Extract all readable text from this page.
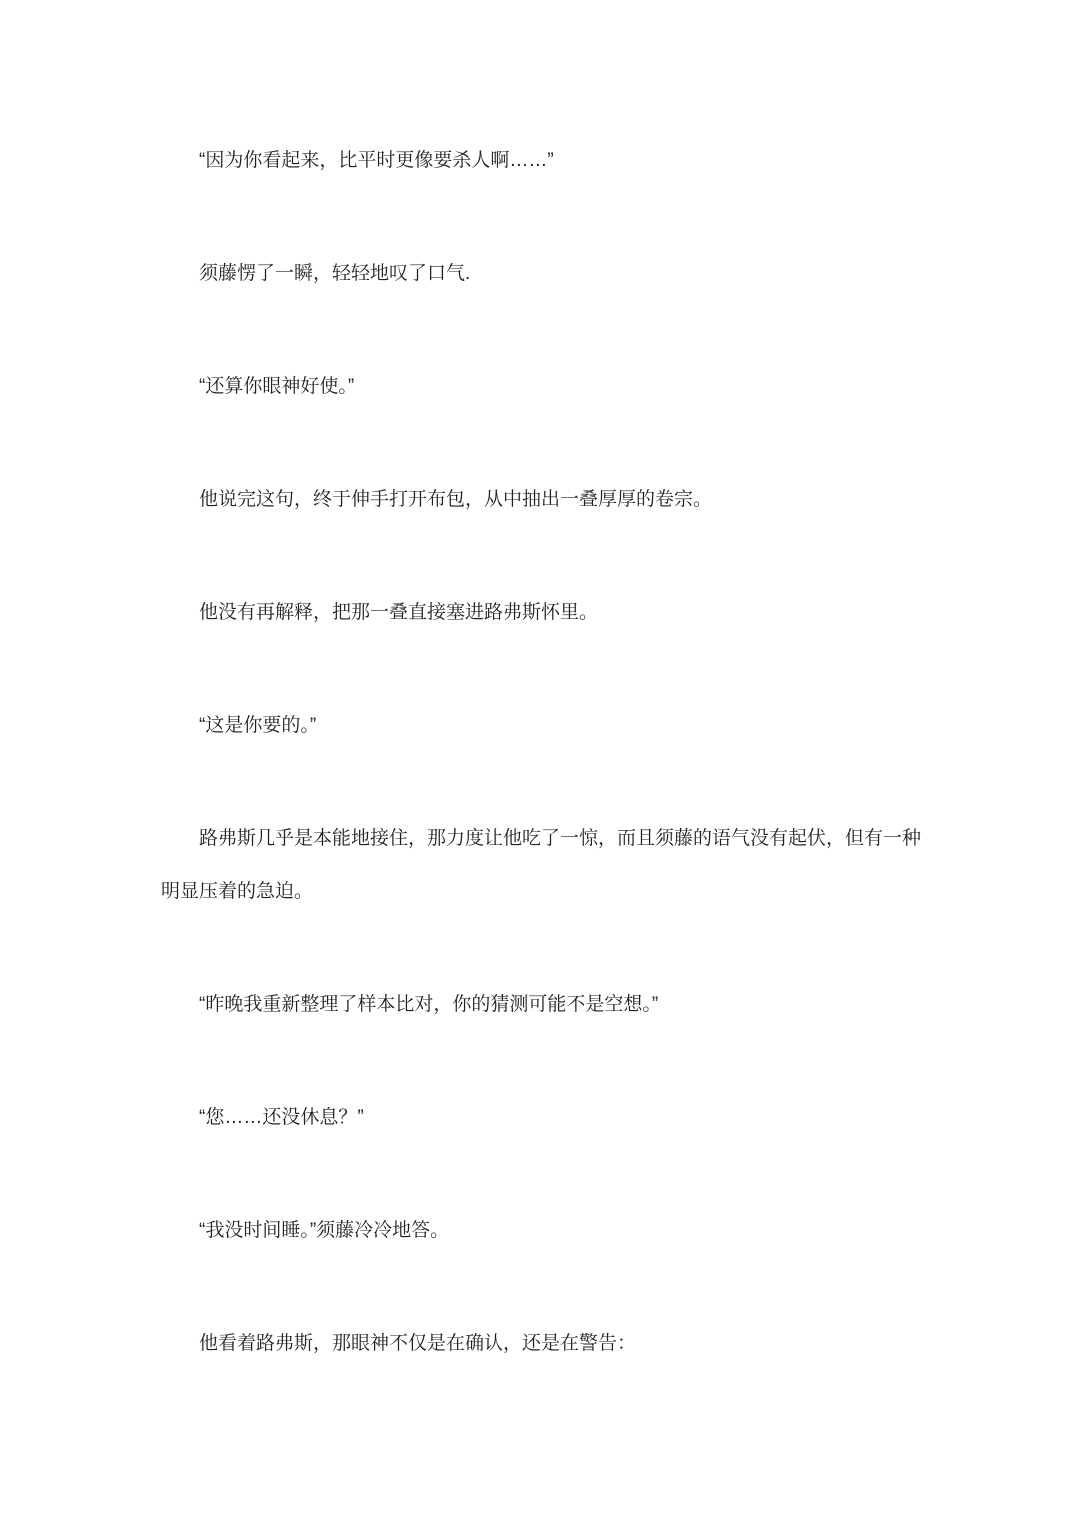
“因为你看起来，比平时更像要杀人啊……”

须藤愣了一瞬，轻轻地叹了口气.

“还算你眼神好使。”

他说完这句，终于伸手打开布包，从中抽出一叠厚厚的卷宗。

他没有再解释，把那一叠直接塞进路弗斯怀里。

“这是你要的。”

路弗斯几乎是本能地接住，那力度让他吃了一惊，而且须藤的语气没有起伏，但有一种
明显压着的急迫。

“昨晚我重新整理了样本比对，你的猜测可能不是空想。”

“您……还没休息？”

“我没时间睡。”须藤冷冷地答。

他看着路弗斯，那眼神不仅是在确认，还是在警告：
